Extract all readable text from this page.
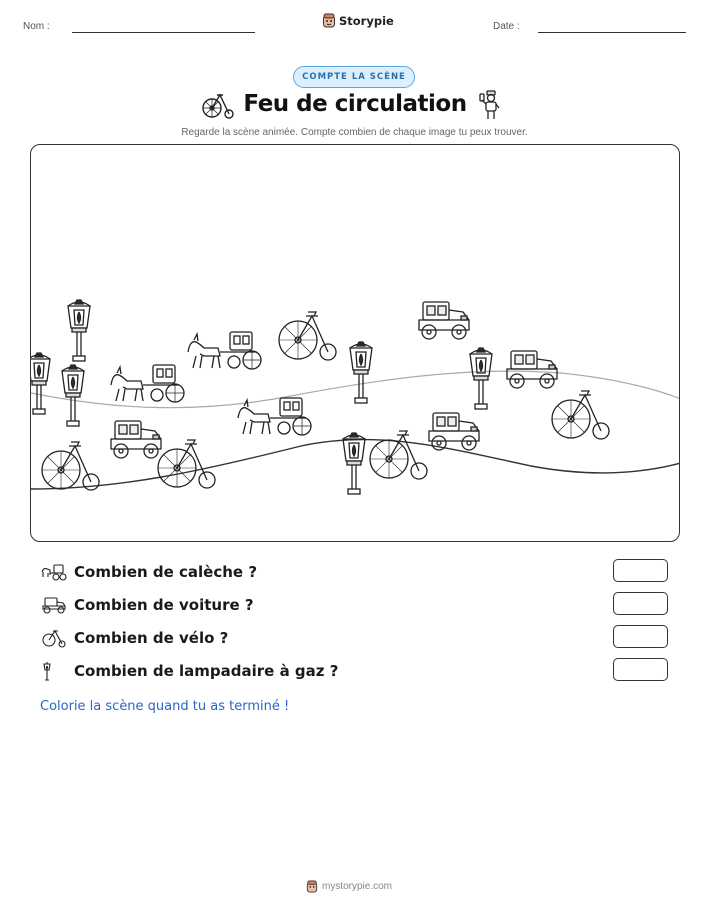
Nom :	Storypie	Date :
COMPTE LA SCÈNE
Feu de circulation
Regarde la scène animée. Compte combien de chaque image tu peux trouver.
Combien de calèche ?
Combien de voiture ?
Combien de vélo ?
Combien de lampadaire à gaz ?
Colorie la scène quand tu as terminé !
mystorypie.com
